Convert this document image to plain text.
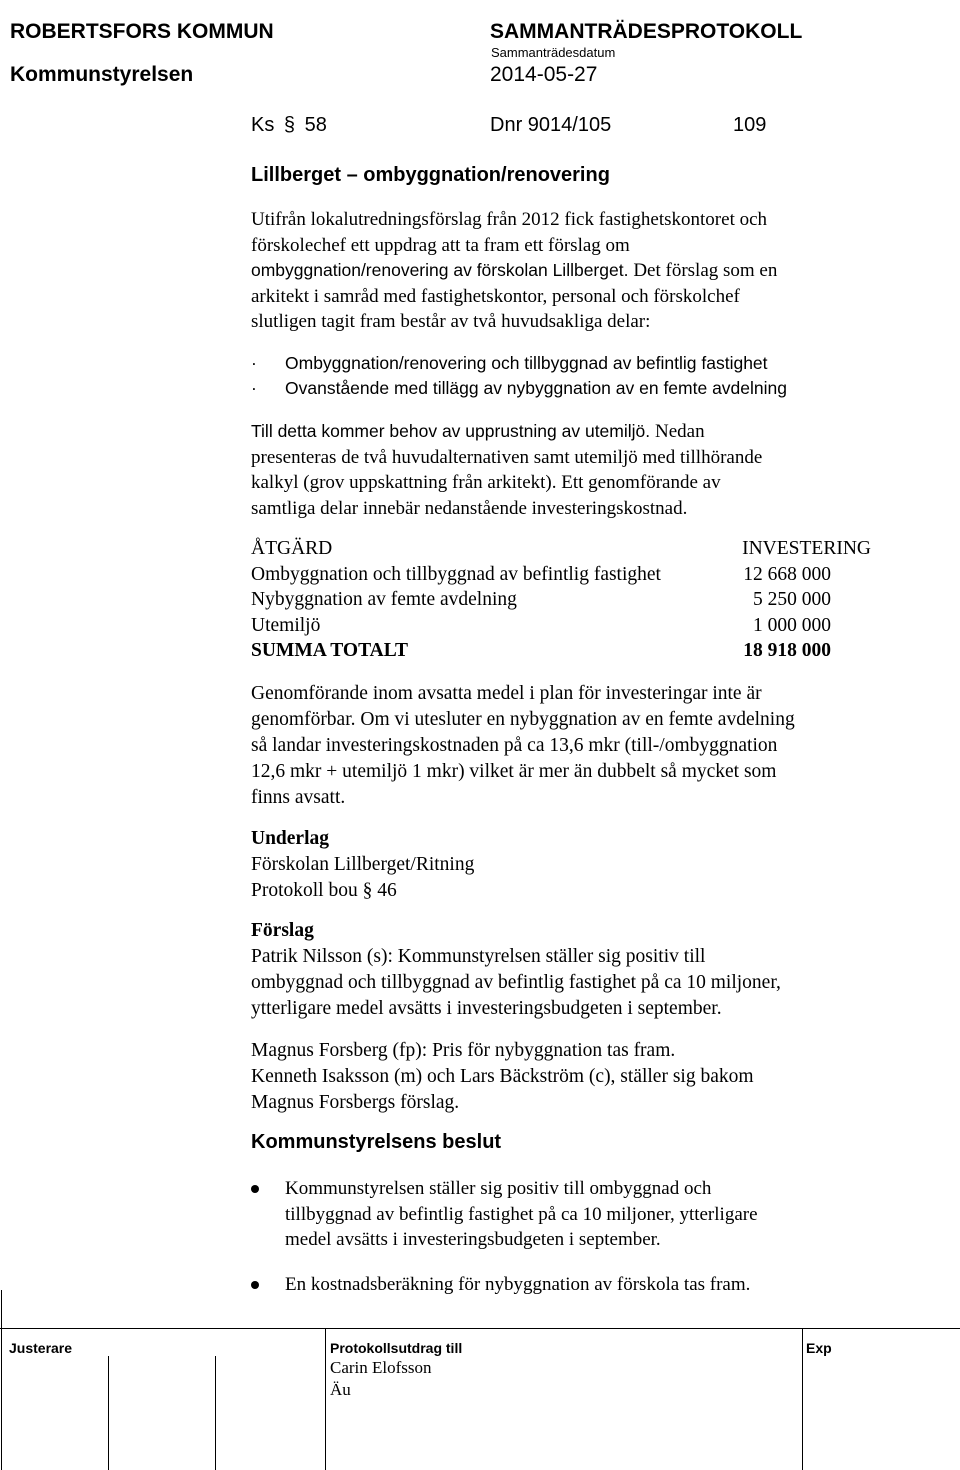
ROBERTSFORS KOMMUN	SAMMANTRÄDESPROTOKOLL
Sammanträdesdatum
Kommunstyrelsen	2014-05-27
Ks § 58	Dnr 9014/105	109
Lillberget – ombyggnation/renovering
Utifrån lokalutredningsförslag från 2012 fick fastighetskontoret och
förskolechef ett uppdrag att ta fram ett förslag om
ombyggnation/renovering av förskolan Lillberget. Det förslag som en
arkitekt i samråd med fastighetskontor, personal och förskolchef
slutligen tagit fram består av två huvudsakliga delar:
· Ombyggnation/renovering och tillbyggnad av befintlig fastighet
· Ovanstående med tillägg av nybyggnation av en femte avdelning
Till detta kommer behov av upprustning av utemiljö. Nedan
presenteras de två huvudalternativen samt utemiljö med tillhörande
kalkyl (grov uppskattning från arkitekt). Ett genomförande av
samtliga delar innebär nedanstående investeringskostnad.
ÅTGÄRD	INVESTERING
Ombyggnation och tillbyggnad av befintlig fastighet	12 668 000
Nybyggnation av femte avdelning	5 250 000
Utemiljö	1 000 000
SUMMA TOTALT	18 918 000
Genomförande inom avsatta medel i plan för investeringar inte är
genomförbar. Om vi utesluter en nybyggnation av en femte avdelning
så landar investeringskostnaden på ca 13,6 mkr (till-/ombyggnation
12,6 mkr + utemiljö 1 mkr) vilket är mer än dubbelt så mycket som
finns avsatt.
Underlag
Förskolan Lillberget/Ritning
Protokoll bou § 46
Förslag
Patrik Nilsson (s): Kommunstyrelsen ställer sig positiv till
ombyggnad och tillbyggnad av befintlig fastighet på ca 10 miljoner,
ytterligare medel avsätts i investeringsbudgeten i september.
Magnus Forsberg (fp): Pris för nybyggnation tas fram.
Kenneth Isaksson (m) och Lars Bäckström (c), ställer sig bakom
Magnus Forsbergs förslag.
Kommunstyrelsens beslut
Kommunstyrelsen ställer sig positiv till ombyggnad och
tillbyggnad av befintlig fastighet på ca 10 miljoner, ytterligare
medel avsätts i investeringsbudgeten i september.
En kostnadsberäkning för nybyggnation av förskola tas fram.
Justerare	Protokollsutdrag till
Carin Elofsson
Äu
Exp
